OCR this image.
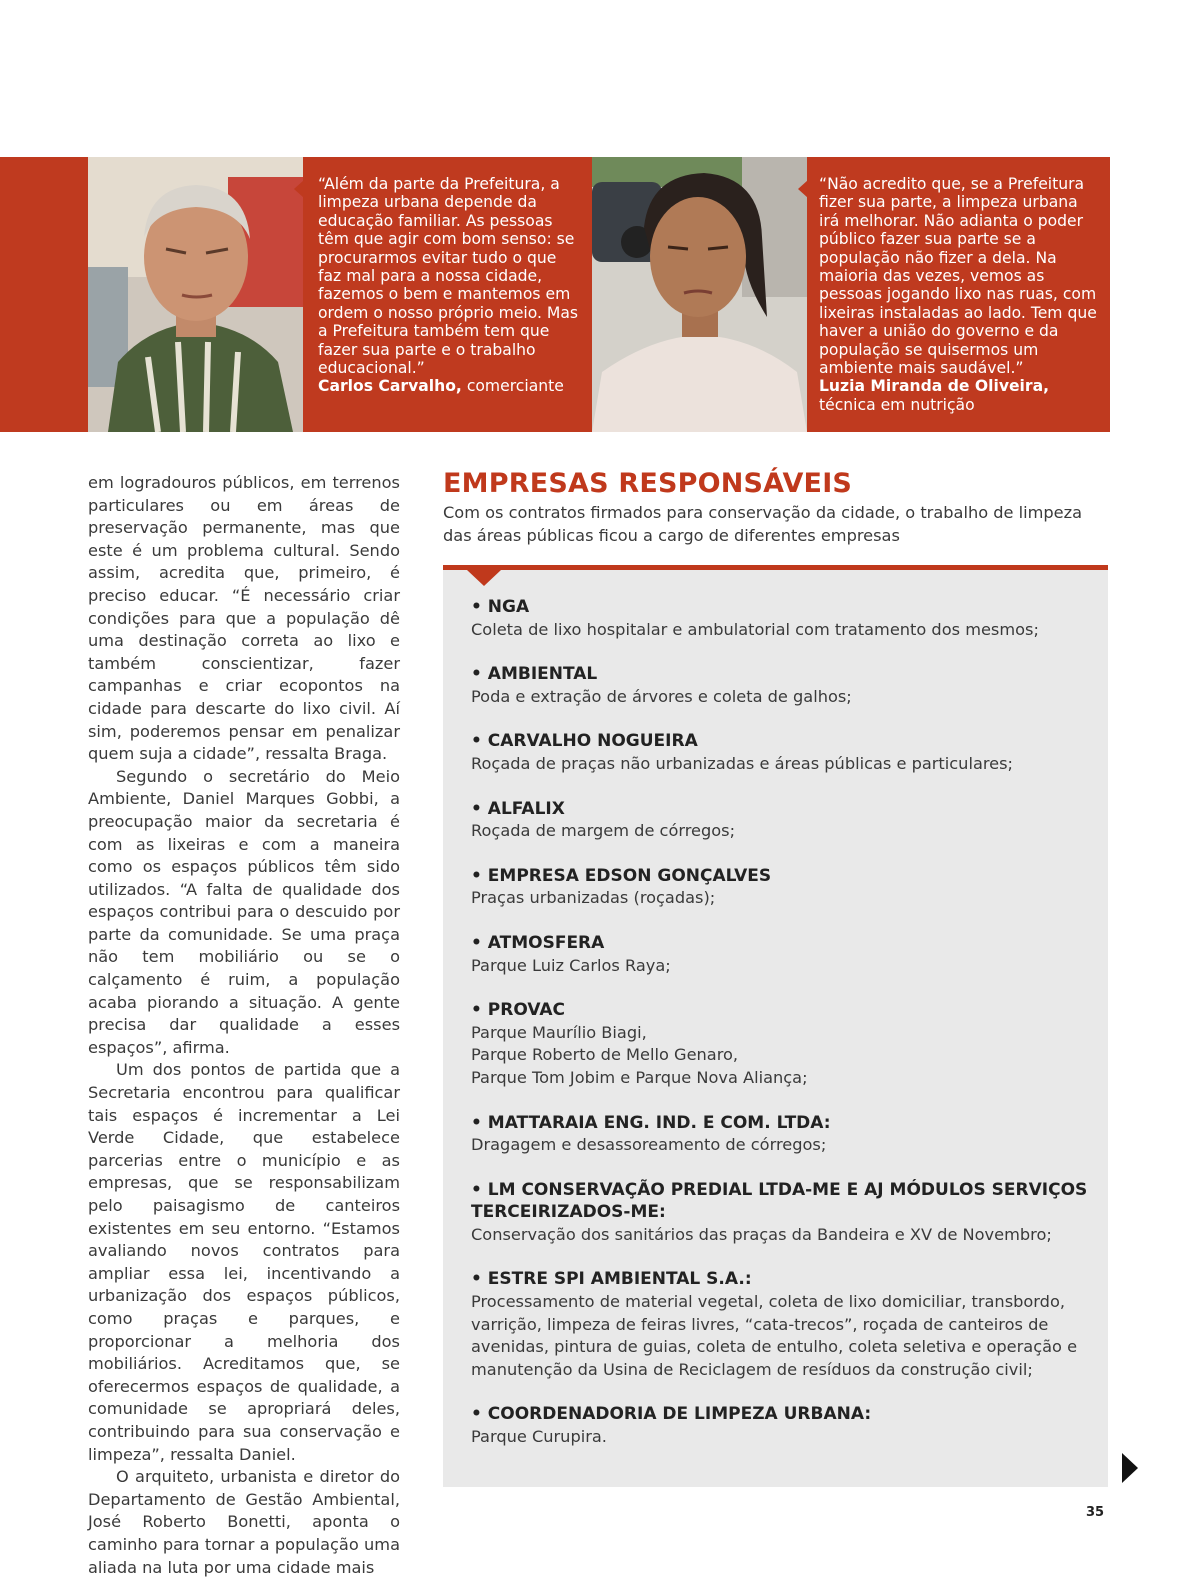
“Além da parte da Prefeitura, a limpeza urbana depende da educação familiar. As pessoas têm que agir com bom senso: se procurarmos evitar tudo o que faz mal para a nossa cidade, fazemos o bem e mantemos em ordem o nosso próprio meio. Mas a Prefeitura também tem que fazer sua parte e o trabalho educacional.”

Carlos Carvalho, comerciante

“Não acredito que, se a Prefeitura fizer sua parte, a limpeza urbana irá melhorar. Não adianta o poder público fazer sua parte se a população não fizer a dela. Na maioria das vezes, vemos as pessoas jogando lixo nas ruas, com lixeiras instaladas ao lado. Tem que haver a união do governo e da população se quisermos um ambiente mais saudável.”

Luzia Miranda de Oliveira,

técnica em nutrição

em logradouros públicos, em terrenos particulares ou em áreas de preservação permanente, mas que este é um problema cultural. Sendo assim, acredita que, primeiro, é preciso educar. “É necessário criar condições para que a população dê uma destinação correta ao lixo e também conscientizar, fazer campanhas e criar ecopontos na cidade para descarte do lixo civil. Aí sim, poderemos pensar em penalizar quem suja a cidade”, ressalta Braga.

Segundo o secretário do Meio Ambiente, Daniel Marques Gobbi, a preocupação maior da secretaria é com as lixeiras e com a maneira como os espaços públicos têm sido utilizados. “A falta de qualidade dos espaços contribui para o descuido por parte da comunidade. Se uma praça não tem mobiliário ou se o calçamento é ruim, a população acaba piorando a situação. A gente precisa dar qualidade a esses espaços”, afirma.

Um dos pontos de partida que a Secretaria encontrou para qualificar tais espaços é incrementar a Lei Verde Cidade, que estabelece parcerias entre o município e as empresas, que se responsabilizam pelo paisagismo de canteiros existentes em seu entorno. “Estamos avaliando novos contratos para ampliar essa lei, incentivando a urbanização dos espaços públicos, como praças e parques, e proporcionar a melhoria dos mobiliários. Acreditamos que, se oferecermos espaços de qualidade, a comunidade se apropriará deles, contribuindo para sua conservação e limpeza”, ressalta Daniel.

O arquiteto, urbanista e diretor do Departamento de Gestão Ambiental, José Roberto Bonetti, aponta o caminho para tornar a população uma aliada na luta por uma cidade mais

EMPRESAS RESPONSÁVEIS

Com os contratos firmados para conservação da cidade, o trabalho de limpeza das áreas públicas ficou a cargo de diferentes empresas

• NGA
Coleta de lixo hospitalar e ambulatorial com tratamento dos mesmos;
• AMBIENTAL
Poda e extração de árvores e coleta de galhos;
• CARVALHO NOGUEIRA
Roçada de praças não urbanizadas e áreas públicas e particulares;
• ALFALIX
Roçada de margem de córregos;
• EMPRESA EDSON GONÇALVES
Praças urbanizadas (roçadas);
• ATMOSFERA
Parque Luiz Carlos Raya;
• PROVAC
Parque Maurílio Biagi,
Parque Roberto de Mello Genaro,
Parque Tom Jobim e Parque Nova Aliança;
• MATTARAIA ENG. IND. E COM. LTDA:
Dragagem e desassoreamento de córregos;
• LM CONSERVAÇÃO PREDIAL LTDA-ME E AJ MÓDULOS SERVIÇOS TERCEIRIZADOS-ME:
Conservação dos sanitários das praças da Bandeira e XV de Novembro;
• ESTRE SPI AMBIENTAL S.A.:
Processamento de material vegetal, coleta de lixo domiciliar, transbordo, varrição, limpeza de feiras livres, “cata-trecos”, roçada de canteiros de avenidas, pintura de guias, coleta de entulho, coleta seletiva e operação e manutenção da Usina de Reciclagem de resíduos da construção civil;
• COORDENADORIA DE LIMPEZA URBANA:
Parque Curupira.
35
